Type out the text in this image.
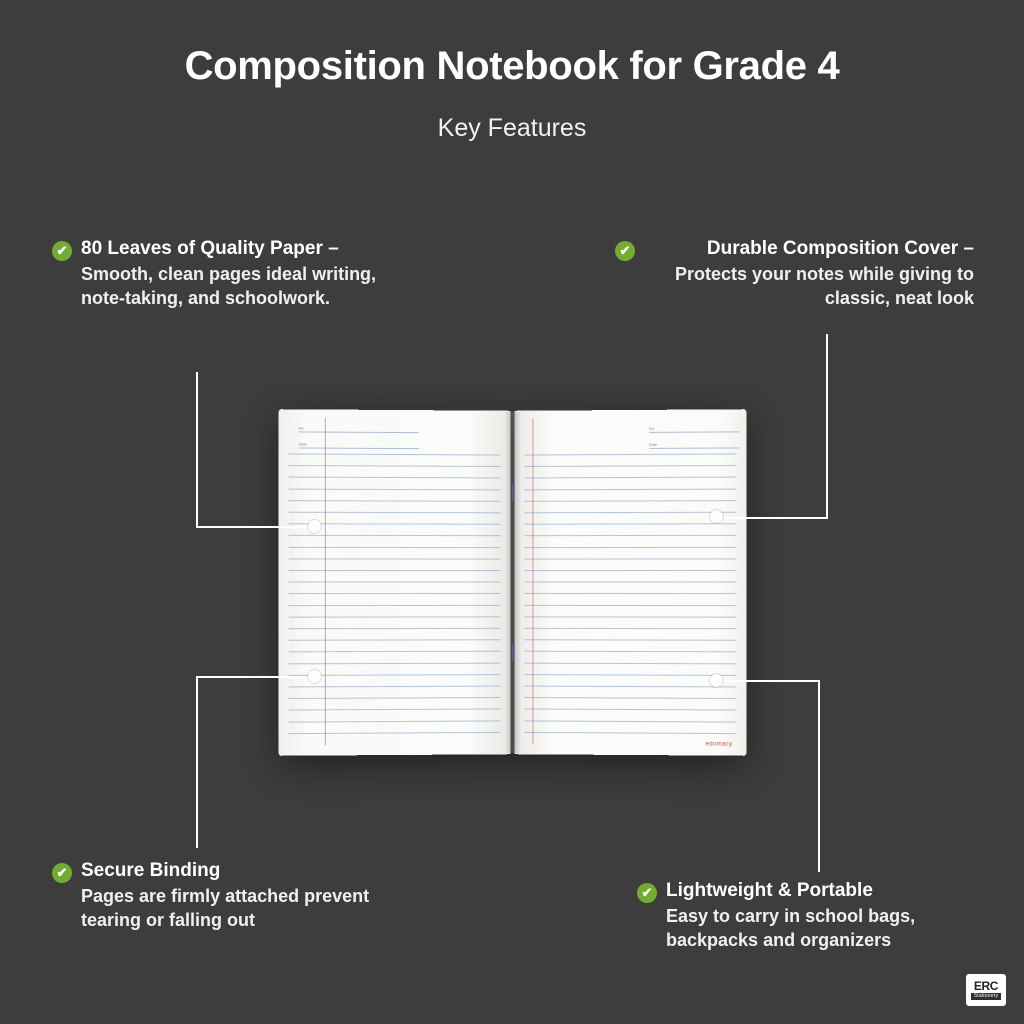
Composition Notebook for Grade 4
Key Features
No.
Date
No.
Date
edumacy
✔ 80 Leaves of Quality Paper –
Smooth, clean pages ideal writing, note-taking, and schoolwork.
✔	Durable Composition Cover –
Protects your notes while giving to classic, neat look
✔ Secure Binding
Pages are firmly attached prevent tearing or falling out
✔ Lightweight & Portable
Easy to carry in school bags, backpacks and organizers
ERC
Stationery
